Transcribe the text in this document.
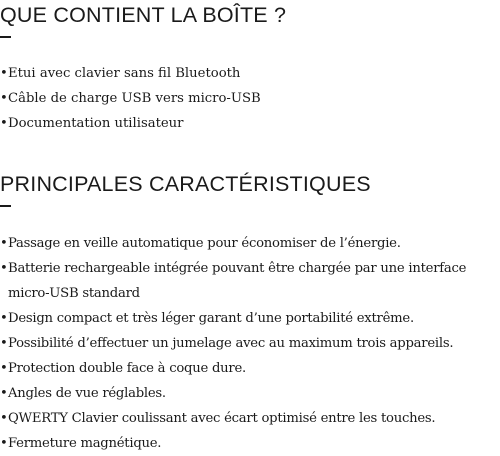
QUE CONTIENT LA BOÎTE ?
• Etui avec clavier sans fil Bluetooth
• Câble de charge USB vers micro-USB
• Documentation utilisateur
PRINCIPALES CARACTÉRISTIQUES
• Passage en veille automatique pour économiser de l’énergie.
• Batterie rechargeable intégrée pouvant être chargée par une interface micro-USB standard
• Design compact et très léger garant d’une portabilité extrême.
• Possibilité d’effectuer un jumelage avec au maximum trois appareils.
• Protection double face à coque dure.
• Angles de vue réglables.
• QWERTY Clavier coulissant avec écart optimisé entre les touches.
• Fermeture magnétique.
